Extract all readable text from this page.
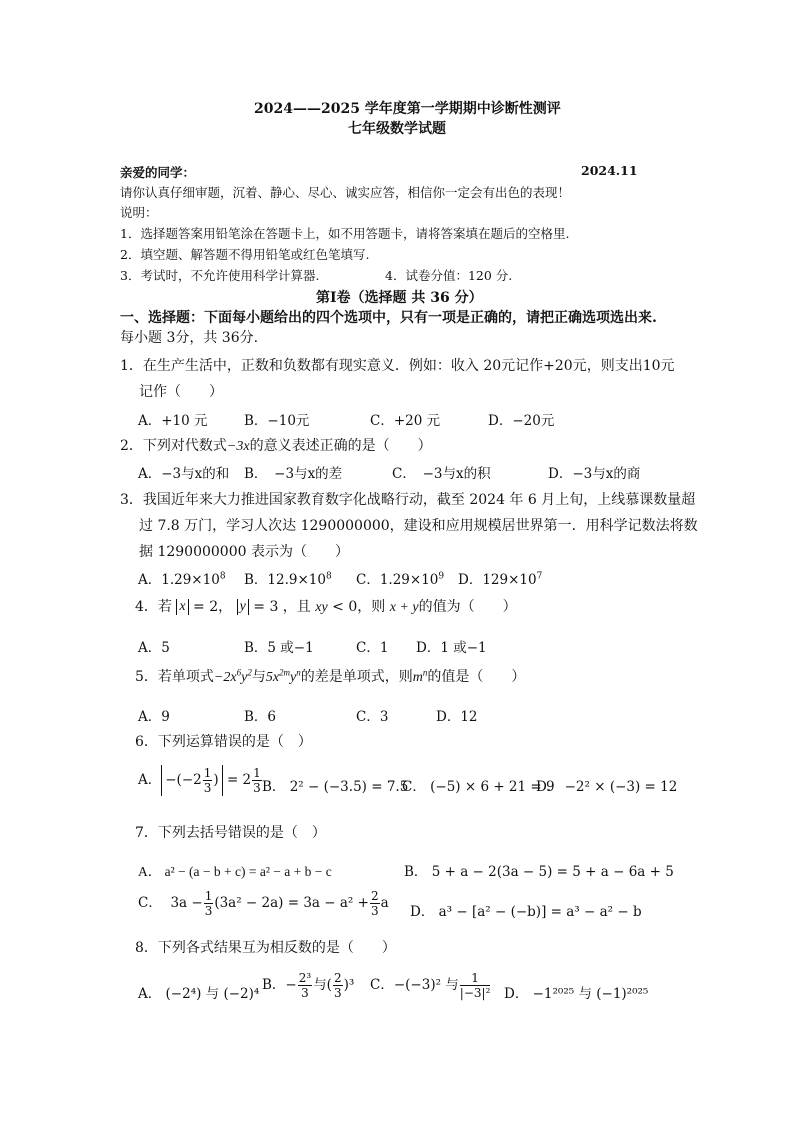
2024——2025 学年度第一学期期中诊断性测评
七年级数学试题
亲爱的同学：	2024.11
请你认真仔细审题，沉着、静心、尽心、诚实应答，相信你一定会有出色的表现！
说明：
1．选择题答案用铅笔涂在答题卡上，如不用答题卡，请将答案填在题后的空格里.
2．填空题、解答题不得用铅笔或红色笔填写.
3．考试时，不允许使用科学计算器.	4．试卷分值：120 分.
第Ⅰ卷（选择题 共 36 分）
一、选择题：下面每小题给出的四个选项中，只有一项是正确的，请把正确选项选出来.
每小题 3分，共 36分.
1．在生产生活中，正数和负数都有现实意义．例如：收入 20元记作+20元，则支出10元
记作（　　）
A．+10 元	B．−10元	C．+20 元	D．−20元
2．下列对代数式−3x的意义表述正确的是（　　）
A．−3与x的和 B．　−3与x的差	C．　−3与x的积	D．−3与x的商
3．我国近年来大力推进国家教育数字化战略行动，截至 2024 年 6 月上旬，上线慕课数量超
过 7.8 万门，学习人次达 1290000000，建设和应用规模居世界第一．用科学记数法将数
据 1290000000 表示为（　　）
A．$1.29\times 10^8$ B．$12.9\times 10^8$ C．$1.29\times 10^9$ D．$129\times 10^7$
4．若 x = 2， y = 3 ，且 xy < 0，则 x + y的值为（　　）
A．5	B．5 或−1	C．1 D．1 或−1
5．若单项式$-2x^6y^2$与$5x^{2m}y^n$的差是单项式，则$m^n$的值是（　　）
A．9	B．6	C．3	D．12
6．下列运算错误的是（　）
A． $-(-2 \frac{1}{3}$ ) = $2 \frac{1}{3}$ B． 2² − (−3.5) = 7.5
C． (−5) × 6 + 21 = 9
D． −2² × (−3) = 12
7．下列去括号错误的是（　）
A． a² − (a − b + c) = a² − a + b − c	B． 5 + a − 2(3a − 5) = 5 + a − 6a + 5
C． $3a - \frac{1}{3} (3a^2 - 2a) = 3a - a^2 + \frac{2}{3}$ a
D． a³ − [a² − (−b)] = a³ − a² − b
8．下列各式结果互为相反数的是（　　）
A． (−2⁴) 与 (−2)⁴
B．− $\frac{\text{2³}}{3}$ 与( $\frac{2}{3} )^3$ C．−(−3)² 与 $\frac{1}{\text{|−3|²}}$ D． −1²⁰²⁵ 与 (−1)²⁰²⁵
